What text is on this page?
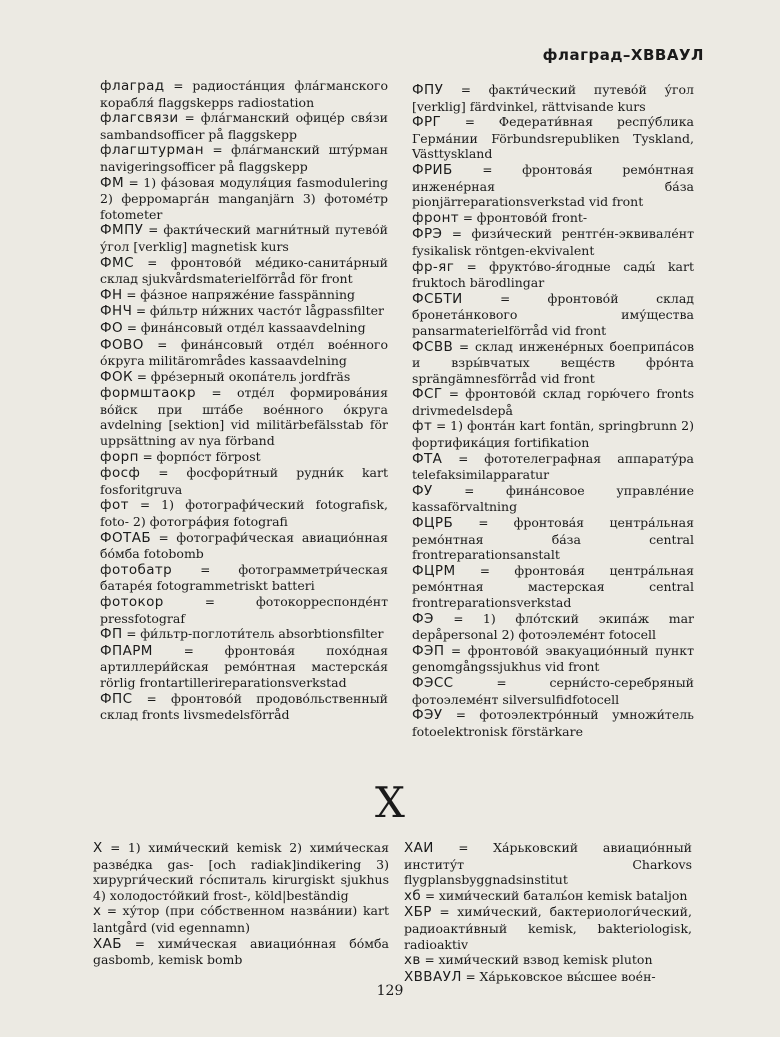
флаград–ХВВАУЛ

флаград = радиоста́нция фла́гманского корабля́ flaggskepps radiostation

флагсвязи = фла́гманский офице́р свя́зи sambandsofficer på flaggskepp

флагштурман = фла́гманский шту́рман navigeringsofficer på flaggskepp

ФМ = 1) фа́зовая модуля́ция fasmodulering 2) ферромарга́н manganjärn 3) фотоме́тр fotometer

ФМПУ = факти́ческий магни́тный путево́й у́гол [verklig] magnetisk kurs

ФМС = фронтово́й ме́дико-санита́рный склад sjukvårdsmaterielförråd för front

ФН = фа́зное напряже́ние fasspänning

ФНЧ = фи́льтр ни́жних часто́т lågpassfilter

ФО = фина́нсовый отде́л kassaavdelning

ФОВО = фина́нсовый отде́л вое́нного о́круга militärområdes kassaavdelning

ФОК = фре́зерный окопа́тель jordfräs

формштаокр = отде́л формирова́ния во́йск при шта́бе вое́нного о́круга avdelning [sektion] vid militärbefälsstab för uppsättning av nya förband

форп = форпо́ст förpost

фосф = фосфори́тный рудни́к kart fosforitgruva

фот = 1) фотографи́ческий fotografisk, foto- 2) фотогра́фия fotografi

ФОТАБ = фотографи́ческая авиацио́нная бо́мба fotobomb

фотобатр = фотограмметри́ческая батаре́я fotogrammetriskt batteri

фотокор = фотокорреспонде́нт pressfotograf

ФП = фи́льтр-поглоти́тель absorbtionsfilter

ФПАРМ = фронтова́я похо́дная артиллери́йская ремо́нтная мастерска́я rörlig frontartillerireparationsverkstad

ФПС = фронтово́й продово́льственный склад fronts livsmedelsförråd

ФПУ = факти́ческий путево́й у́гол [verklig] färdvinkel, rättvisande kurs

ФРГ = Федерати́вная респу́блика Герма́нии Förbundsrepubliken Tyskland, Västtyskland

ФРИБ = фронтова́я ремо́нтная инжене́рная ба́за pionjärreparationsverkstad vid front

фронт = фронтово́й front-

ФРЭ = физи́ческий рентге́н-эквивале́нт fysikalisk röntgen-ekvivalent

фр-яг = фрукто́во-я́годные сады́ kart fruktoch bärodlingar

ФСБТИ = фронтово́й склад бронета́нкового иму́щества pansarmaterielförråd vid front

ФСВВ = склад инжене́рных боеприпа́сов и взры́вчатых веще́ств фро́нта sprängämnesförråd vid front

ФСГ = фронтово́й склад горю́чего fronts drivmedelsdepå

фт = 1) фонта́н kart fontän, springbrunn 2) фортифика́ция fortifikation

ФТА = фототелеграфная аппарату́ра telefaksimilapparatur

ФУ = фина́нсовое управле́ние kassaförvaltning

ФЦРБ = фронтова́я центра́льная ремо́нтная ба́за central frontreparationsanstalt

ФЦРМ = фронтова́я центра́льная ремо́нтная мастерская central frontreparationsverkstad

ФЭ = 1) фло́тский экипа́ж mar depåpersonal 2) фотоэлеме́нт fotocell

ФЭП = фронтово́й эвакуацио́нный пункт genomgångssjukhus vid front

ФЭСС = серни́сто-серебряный фотоэлеме́нт silversulfidfotocell

ФЭУ = фотоэлектро́нный умножи́тель fotoelektronisk förstärkare

X

Х = 1) хими́ческий kemisk 2) хими́ческая разве́дка gas- [och radiak]indikering 3) хирурги́ческий го́спиталь kirurgiskt sjukhus 4) холодосто́йкий frost-, köld|beständig

х = ху́тор (при со́бственном назва́нии) kart lantgård (vid egennamn)

ХАБ = хими́ческая авиацио́нная бо́мба gasbomb, kemisk bomb

ХАИ = Ха́рьковский авиацио́нный институ́т Charkovs flygplansbyggnadsinstitut

хб = хими́ческий баталь́он kemisk bataljon

ХБР = хими́ческий, бактериологи́ческий, радиоакти́вный kemisk, bakteriologisk, radioaktiv

хв = хими́ческий взвод kemisk pluton

ХВВАУЛ = Ха́рьковское вы́сшее вое́н-

129
